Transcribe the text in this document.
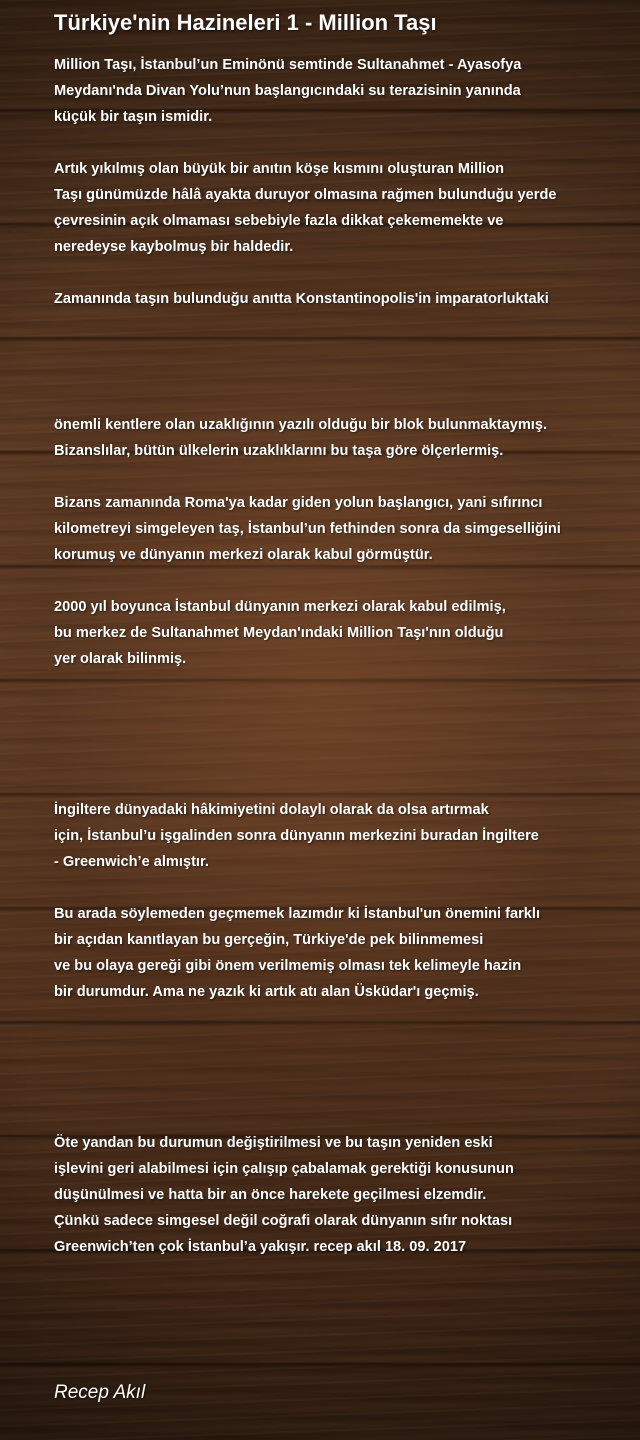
Türkiye'nin Hazineleri 1 - Million Taşı
Million Taşı, İstanbul’un Eminönü semtinde Sultanahmet - Ayasofya
Meydanı'nda Divan Yolu’nun başlangıcındaki su terazisinin yanında
küçük bir taşın ismidir.
Artık yıkılmış olan büyük bir anıtın köşe kısmını oluşturan Million
Taşı günümüzde hâlâ ayakta duruyor olmasına rağmen bulunduğu yerde
çevresinin açık olmaması sebebiyle fazla dikkat çekememekte ve
neredeyse kaybolmuş bir haldedir.
Zamanında taşın bulunduğu anıtta Konstantinopolis'in imparatorluktaki
önemli kentlere olan uzaklığının yazılı olduğu bir blok bulunmaktaymış.
Bizanslılar, bütün ülkelerin uzaklıklarını bu taşa göre ölçerlermiş.
Bizans zamanında Roma'ya kadar giden yolun başlangıcı, yani sıfırıncı
kilometreyi simgeleyen taş, İstanbul’un fethinden sonra da simgeselliğini
korumuş ve dünyanın merkezi olarak kabul görmüştür.
2000 yıl boyunca İstanbul dünyanın merkezi olarak kabul edilmiş,
bu merkez de Sultanahmet Meydan'ındaki Million Taşı'nın olduğu
yer olarak bilinmiş.
İngiltere dünyadaki hâkimiyetini dolaylı olarak da olsa artırmak
için, İstanbul’u işgalinden sonra dünyanın merkezini buradan İngiltere
- Greenwich’e almıştır.
Bu arada söylemeden geçmemek lazımdır ki İstanbul'un önemini farklı
bir açıdan kanıtlayan bu gerçeğin, Türkiye'de pek bilinmemesi
ve bu olaya gereği gibi önem verilmemiş olması tek kelimeyle hazin
bir durumdur. Ama ne yazık ki artık atı alan Üsküdar'ı geçmiş.
Öte yandan bu durumun değiştirilmesi ve bu taşın yeniden eski
işlevini geri alabilmesi için çalışıp çabalamak gerektiği konusunun
düşünülmesi ve hatta bir an önce harekete geçilmesi elzemdir.
Çünkü sadece simgesel değil coğrafi olarak dünyanın sıfır noktası
Greenwich’ten çok İstanbul’a yakışır. recep akıl 18. 09. 2017
Recep Akıl
